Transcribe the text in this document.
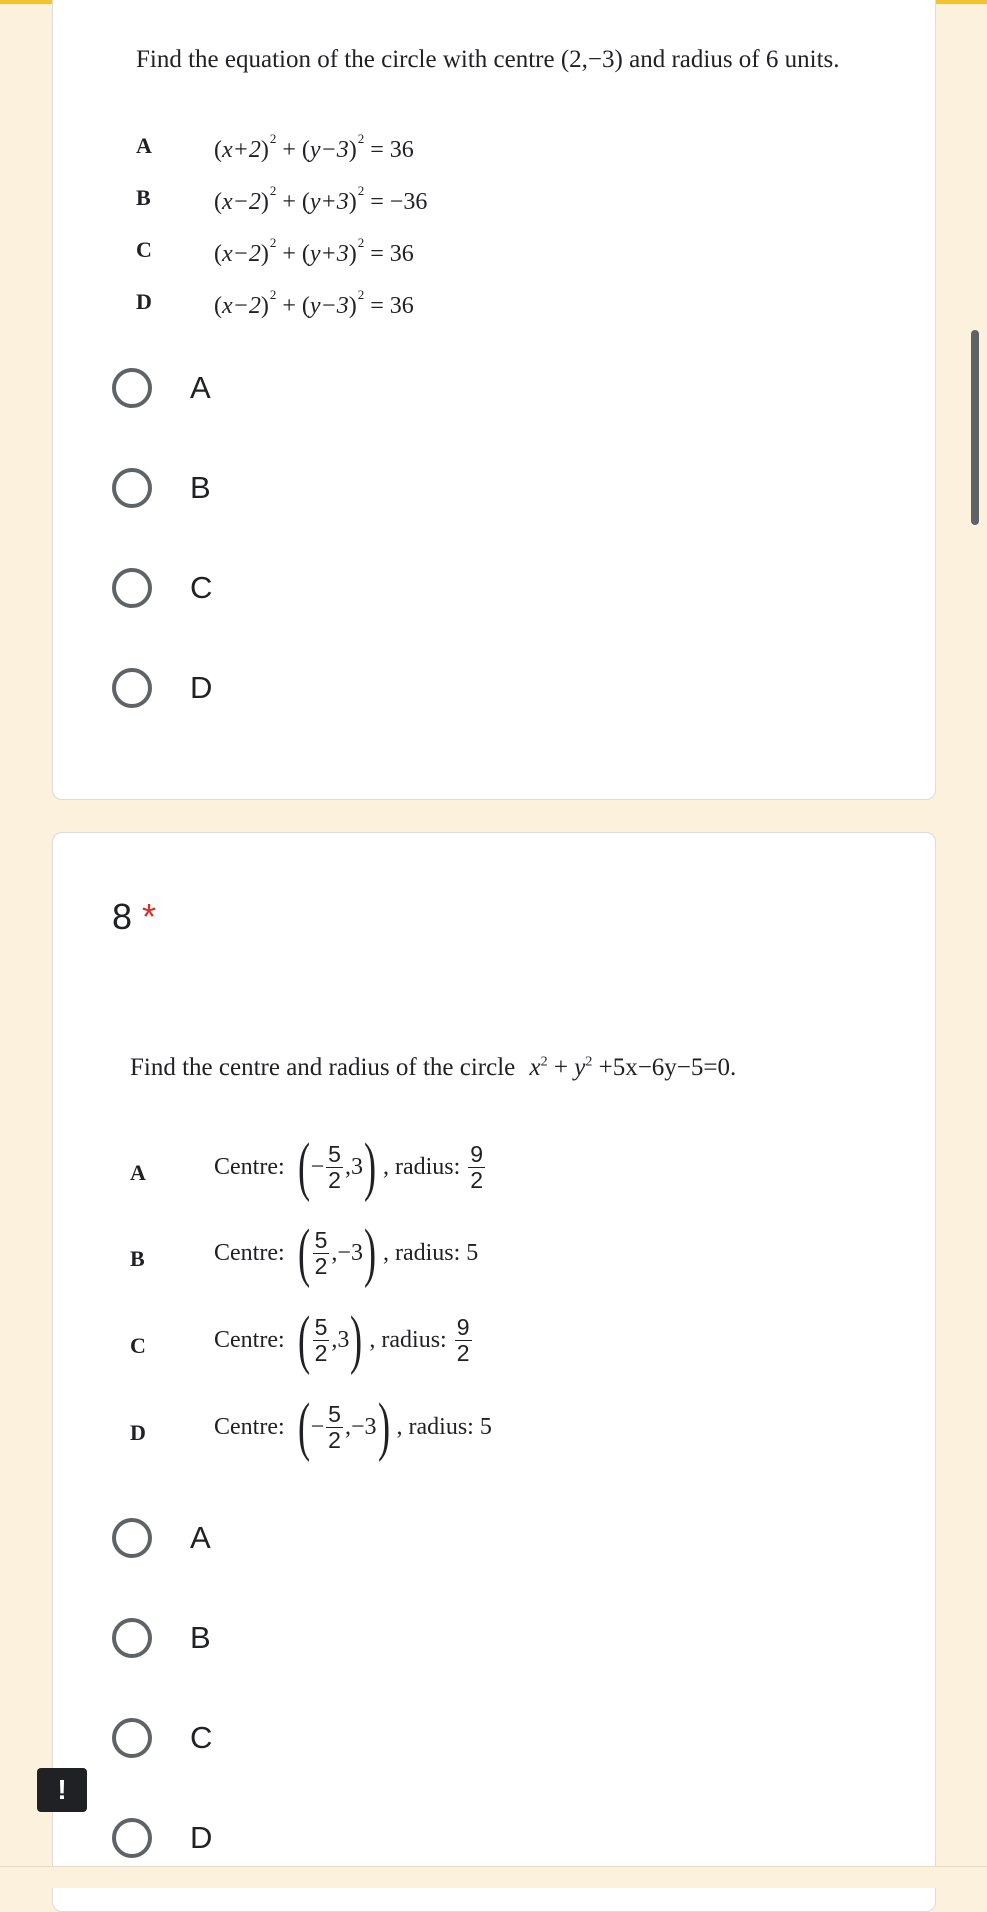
Find the equation of the circle with centre (2,−3) and radius of 6 units.
A	$(x+2)^2 + (y-3)^2 = 36$
B	$(x-2)^2 + (y+3)^2 = -36$
C	$(x-2)^2 + (y+3)^2 = 36$
D	$(x-2)^2 + (y-3)^2 = 36$
A
B
C
D
8 *
Find the centre and radius of the circle $x^2 + y^2 +5x-6y-5=0$.
A	Centre: ( − $\frac{5}{2} ,3$ ) , radius: $\frac{9}{2}$
B	Centre: ( $\frac{5}{2} ,-3$ ) , radius: 5
C	Centre: ( $\frac{5}{2} ,3$ ) , radius: $\frac{9}{2}$
D	Centre: ( − $\frac{5}{2} ,-3$ ) , radius: 5
A
B
C
D
!
